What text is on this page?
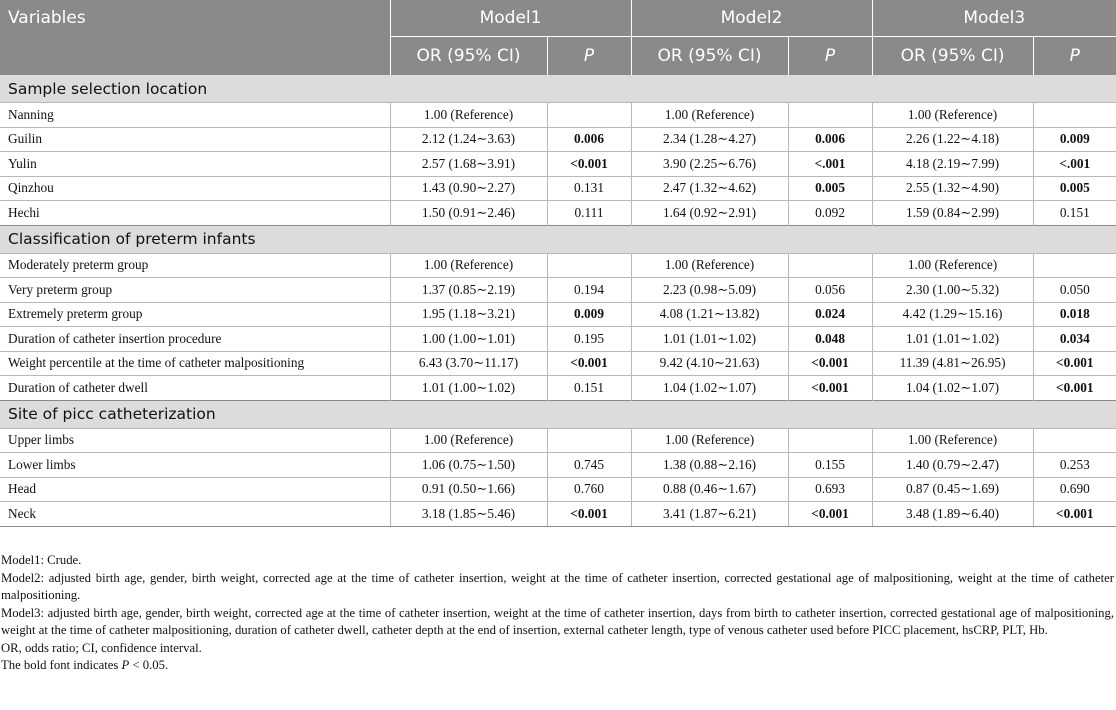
Variables	Model1		Model2		Model3	
	OR (95% CI)	P	OR (95% CI)	P	OR (95% CI)	P
Sample selection location						
Nanning	1.00 (Reference)		1.00 (Reference)		1.00 (Reference)	
Guilin	2.12 (1.24∼3.63)	0.006	2.34 (1.28∼4.27)	0.006	2.26 (1.22∼4.18)	0.009
Yulin	2.57 (1.68∼3.91)	<0.001	3.90 (2.25∼6.76)	<.001	4.18 (2.19∼7.99)	<.001
Qinzhou	1.43 (0.90∼2.27)	0.131	2.47 (1.32∼4.62)	0.005	2.55 (1.32∼4.90)	0.005
Hechi	1.50 (0.91∼2.46)	0.111	1.64 (0.92∼2.91)	0.092	1.59 (0.84∼2.99)	0.151
Classification of preterm infants						
Moderately preterm group	1.00 (Reference)		1.00 (Reference)		1.00 (Reference)	
Very preterm group	1.37 (0.85∼2.19)	0.194	2.23 (0.98∼5.09)	0.056	2.30 (1.00∼5.32)	0.050
Extremely preterm group	1.95 (1.18∼3.21)	0.009	4.08 (1.21∼13.82)	0.024	4.42 (1.29∼15.16)	0.018
Duration of catheter insertion procedure	1.00 (1.00∼1.01)	0.195	1.01 (1.01∼1.02)	0.048	1.01 (1.01∼1.02)	0.034
Weight percentile at the time of catheter malpositioning	6.43 (3.70∼11.17)	<0.001	9.42 (4.10∼21.63)	<0.001	11.39 (4.81∼26.95)	<0.001
Duration of catheter dwell	1.01 (1.00∼1.02)	0.151	1.04 (1.02∼1.07)	<0.001	1.04 (1.02∼1.07)	<0.001
Site of picc catheterization						
Upper limbs	1.00 (Reference)		1.00 (Reference)		1.00 (Reference)	
Lower limbs	1.06 (0.75∼1.50)	0.745	1.38 (0.88∼2.16)	0.155	1.40 (0.79∼2.47)	0.253
Head	0.91 (0.50∼1.66)	0.760	0.88 (0.46∼1.67)	0.693	0.87 (0.45∼1.69)	0.690
Neck	3.18 (1.85∼5.46)	<0.001	3.41 (1.87∼6.21)	<0.001	3.48 (1.89∼6.40)	<0.001

Model1: Crude.

Model2: adjusted birth age, gender, birth weight, corrected age at the time of catheter insertion, weight at the time of catheter insertion, corrected gestational age of malpositioning, weight at the time of catheter malpositioning.

Model3: adjusted birth age, gender, birth weight, corrected age at the time of catheter insertion, weight at the time of catheter insertion, days from birth to catheter insertion, corrected gestational age of malpositioning, weight at the time of catheter malpositioning, duration of catheter dwell, catheter depth at the end of insertion, external catheter length, type of venous catheter used before PICC placement, hsCRP, PLT, Hb.

OR, odds ratio; CI, confidence interval.

The bold font indicates P < 0.05.
